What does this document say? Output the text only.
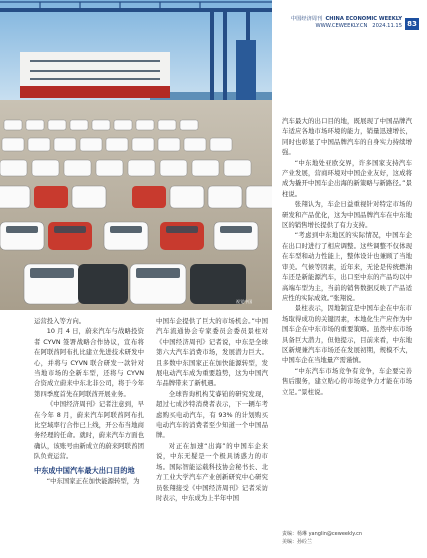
中国经济周刊 CHINA ECONOMIC WEEKLY
WWW.CEWEEKLY.CN 2024.11.15 83
视觉中国

运营投入等方向。

10 月 4 日，蔚来汽车与战略投资者 CYVN 签署战略合作协议，宣布将在阿联酋阿布扎比建立先进技术研发中心，并将与 CYVN 联合研发一款针对当地市场的全新车型，还将与 CYVN 合资成立蔚来中东北非公司，将于今年第四季度首先在阿联酋开展业务。

《中国经济周刊》记者注意到，早在今年 8 月，蔚来汽车阿联酋阿布扎比空域率行合作已上线，开公布当地商务经理的任命。就时，蔚来汽车方面也确认，该账号由新成立的蔚来阿联酋团队负责运营。

中东成中国汽车最大出口目的地

“中东国家正在加快能源转型，为

中国车企提供了巨大的市场机会。”中国汽车流通协会专家委员会委员景柱对《中国经济周刊》记者说，中东是全球第六大汽车消费市场，发展潜力巨大。且多数中东国家正在加快能源转型，发展电动汽车成为重要趋势，这为中国汽车品牌带来了新机遇。

全球咨询机构艾睿铂的研究发现，超过七成沙特消费者表示，下一辆车考虑购买电动汽车，有 93% 的计划购买电动汽车的消费者至少知道一个中国品牌。

对正在加速“出海”的中国车企来说，中东无疑是一个极具诱惑力的市场。国际智能运载科技协会秘书长、北方工业大学汽车产业创新研究中心研究员张翔接受《中国经济周刊》记者采访时表示，中东成为上半年中国

汽车最大的出口目的地，既展现了中国品牌汽车适应各地市场环境的能力，销量迅速增长，同时也彰显了中国品牌汽车的自身实力持续增强。

“中东地处亚欧交界，许多国家支持汽车产业发展，营商环境对中国企业友好，这成将成为撬开中国车企出海的新策略与新路径。”景柱说。

张翔认为，车企日益重视针对特定市场的研发和产品优化，这为中国品牌汽车在中东地区的销售增长提供了有力支持。

“考虑到中东地区的实际情况，中国车企在出口时进行了相应调整。这些调整不仅体现在车型和动力性能上，整体设计也兼顾了当地审美。气候等因素，近年来，无论是传统燃油车还是新能源汽车，出口至中东的产品均以中高端车型为主，当前的销售数据反映了产品适应性的实际成效。”张翔说。

景柱表示，因地制宜是中国车企在中东市场取得成功的关键因素，本地化生产应作为中国车企在中东市场的重要策略。虽然中东市场具备巨大潜力，但他提示，目前来看，中东地区新规兼汽车市场还在发展初期，规模不大，中国车企在当地量产需谨慎。

“中东汽车市场竞争有竞争，车企要完善售后服务，建立贴心的市场竞争力才能在市场立足。”景柱说。

责编：杨琳 yanglin@ceweekly.cn
美编：孙砼兰
